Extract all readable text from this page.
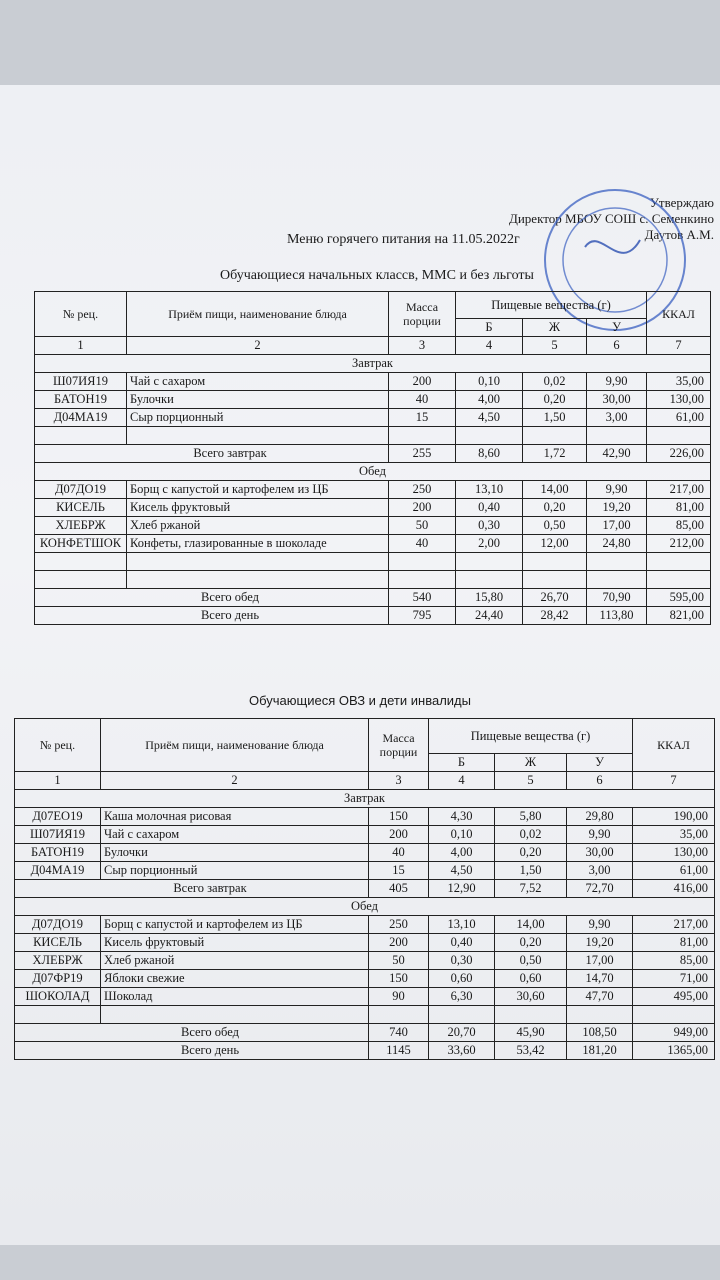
Утверждаю
Директор МБОУ СОШ с. Семенкино
Даутов А.М.
Меню горячего питания на 11.05.2022г
Обучающиеся начальных классв, ММС и без льготы
№ рец.	Приём пищи, наименование блюда	Масса порции	Пищевые вещества (г)			ККАЛ
			Б	Ж	У	
1	2	3	4	5	6	7
Завтрак						
Ш07ИЯ19	Чай с сахаром	200	0,10	0,02	9,90	35,00
БАТОН19	Булочки	40	4,00	0,20	30,00	130,00
Д04МА19	Сыр порционный	15	4,50	1,50	3,00	61,00

Всего завтрак		255	8,60	1,72	42,90	226,00
Обед						
Д07ДО19	Борщ с капустой и картофелем из ЦБ	250	13,10	14,00	9,90	217,00
КИСЕЛЬ	Кисель фруктовый	200	0,40	0,20	19,20	81,00
ХЛЕБРЖ	Хлеб ржаной	50	0,30	0,50	17,00	85,00
КОНФЕТШОК	Конфеты, глазированные в шоколаде	40	2,00	12,00	24,80	212,00

Всего обед		540	15,80	26,70	70,90	595,00
Всего день		795	24,40	28,42	113,80	821,00
Обучающиеся ОВЗ и дети инвалиды
№ рец.	Приём пищи, наименование блюда	Масса порции	Пищевые вещества (г)			ККАЛ
			Б	Ж	У	
1	2	3	4	5	6	7
Завтрак						
Д07ЕО19	Каша молочная рисовая	150	4,30	5,80	29,80	190,00
Ш07ИЯ19	Чай с сахаром	200	0,10	0,02	9,90	35,00
БАТОН19	Булочки	40	4,00	0,20	30,00	130,00
Д04МА19	Сыр порционный	15	4,50	1,50	3,00	61,00
Всего завтрак		405	12,90	7,52	72,70	416,00
Обед						
Д07ДО19	Борщ с капустой и картофелем из ЦБ	250	13,10	14,00	9,90	217,00
КИСЕЛЬ	Кисель фруктовый	200	0,40	0,20	19,20	81,00
ХЛЕБРЖ	Хлеб ржаной	50	0,30	0,50	17,00	85,00
Д07ФР19	Яблоки свежие	150	0,60	0,60	14,70	71,00
ШОКОЛАД	Шоколад	90	6,30	30,60	47,70	495,00

Всего обед		740	20,70	45,90	108,50	949,00
Всего день		1145	33,60	53,42	181,20	1365,00
